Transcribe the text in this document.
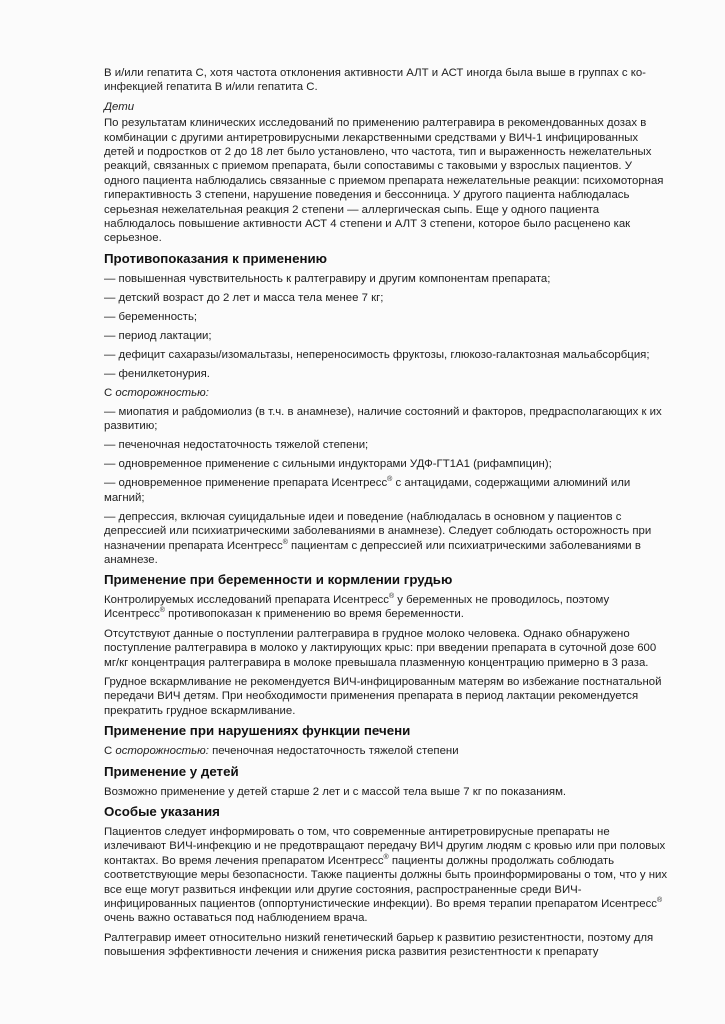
В и/или гепатита С, хотя частота отклонения активности АЛТ и АСТ иногда была выше в группах с ко-инфекцией гепатита В и/или гепатита С.

Дети

По результатам клинических исследований по применению ралтегравира в рекомендованных дозах в комбинации с другими антиретровирусными лекарственными средствами у ВИЧ-1 инфицированных детей и подростков от 2 до 18 лет было установлено, что частота, тип и выраженность нежелательных реакций, связанных с приемом препарата, были сопоставимы с таковыми у взрослых пациентов. У одного пациента наблюдались связанные с приемом препарата нежелательные реакции: психомоторная гиперактивность 3 степени, нарушение поведения и бессонница. У другого пациента наблюдалась серьезная нежелательная реакция 2 степени — аллергическая сыпь. Еще у одного пациента наблюдалось повышение активности АСТ 4 степени и АЛТ 3 степени, которое было расценено как серьезное.

Противопоказания к применению
— повышенная чувствительность к ралтегравиру и другим компонентам препарата;
— детский возраст до 2 лет и масса тела менее 7 кг;
— беременность;
— период лактации;
— дефицит сахаразы/изомальтазы, непереносимость фруктозы, глюкозо-галактозная мальабсорбция;
— фенилкетонурия.
С осторожностью:
— миопатия и рабдомиолиз (в т.ч. в анамнезе), наличие состояний и факторов, предрасполагающих к их развитию;
— печеночная недостаточность тяжелой степени;
— одновременное применение с сильными индукторами УДФ-ГТ1А1 (рифампицин);
— одновременное применение препарата Исентресс® с антацидами, содержащими алюминий или магний;
— депрессия, включая суицидальные идеи и поведение (наблюдалась в основном у пациентов с депрессией или психиатрическими заболеваниями в анамнезе). Следует соблюдать осторожность при назначении препарата Исентресс® пациентам с депрессией или психиатрическими заболеваниями в анамнезе.
Применение при беременности и кормлении грудью

Контролируемых исследований препарата Исентресс® у беременных не проводилось, поэтому Исентресс® противопоказан к применению во время беременности.

Отсутствуют данные о поступлении ралтегравира в грудное молоко человека. Однако обнаружено поступление ралтегравира в молоко у лактирующих крыс: при введении препарата в суточной дозе 600 мг/кг концентрация ралтегравира в молоке превышала плазменную концентрацию примерно в 3 раза.

Грудное вскармливание не рекомендуется ВИЧ-инфицированным матерям во избежание постнатальной передачи ВИЧ детям. При необходимости применения препарата в период лактации рекомендуется прекратить грудное вскармливание.

Применение при нарушениях функции печени

С осторожностью: печеночная недостаточность тяжелой степени

Применение у детей

Возможно применение у детей старше 2 лет и с массой тела выше 7 кг по показаниям.

Особые указания

Пациентов следует информировать о том, что современные антиретровирусные препараты не излечивают ВИЧ-инфекцию и не предотвращают передачу ВИЧ другим людям с кровью или при половых контактах. Во время лечения препаратом Исентресс® пациенты должны продолжать соблюдать соответствующие меры безопасности. Также пациенты должны быть проинформированы о том, что у них все еще могут развиться инфекции или другие состояния, распространенные среди ВИЧ-инфицированных пациентов (оппортунистические инфекции). Во время терапии препаратом Исентресс® очень важно оставаться под наблюдением врача.

Ралтегравир имеет относительно низкий генетический барьер к развитию резистентности, поэтому для повышения эффективности лечения и снижения риска развития резистентности к препарату
